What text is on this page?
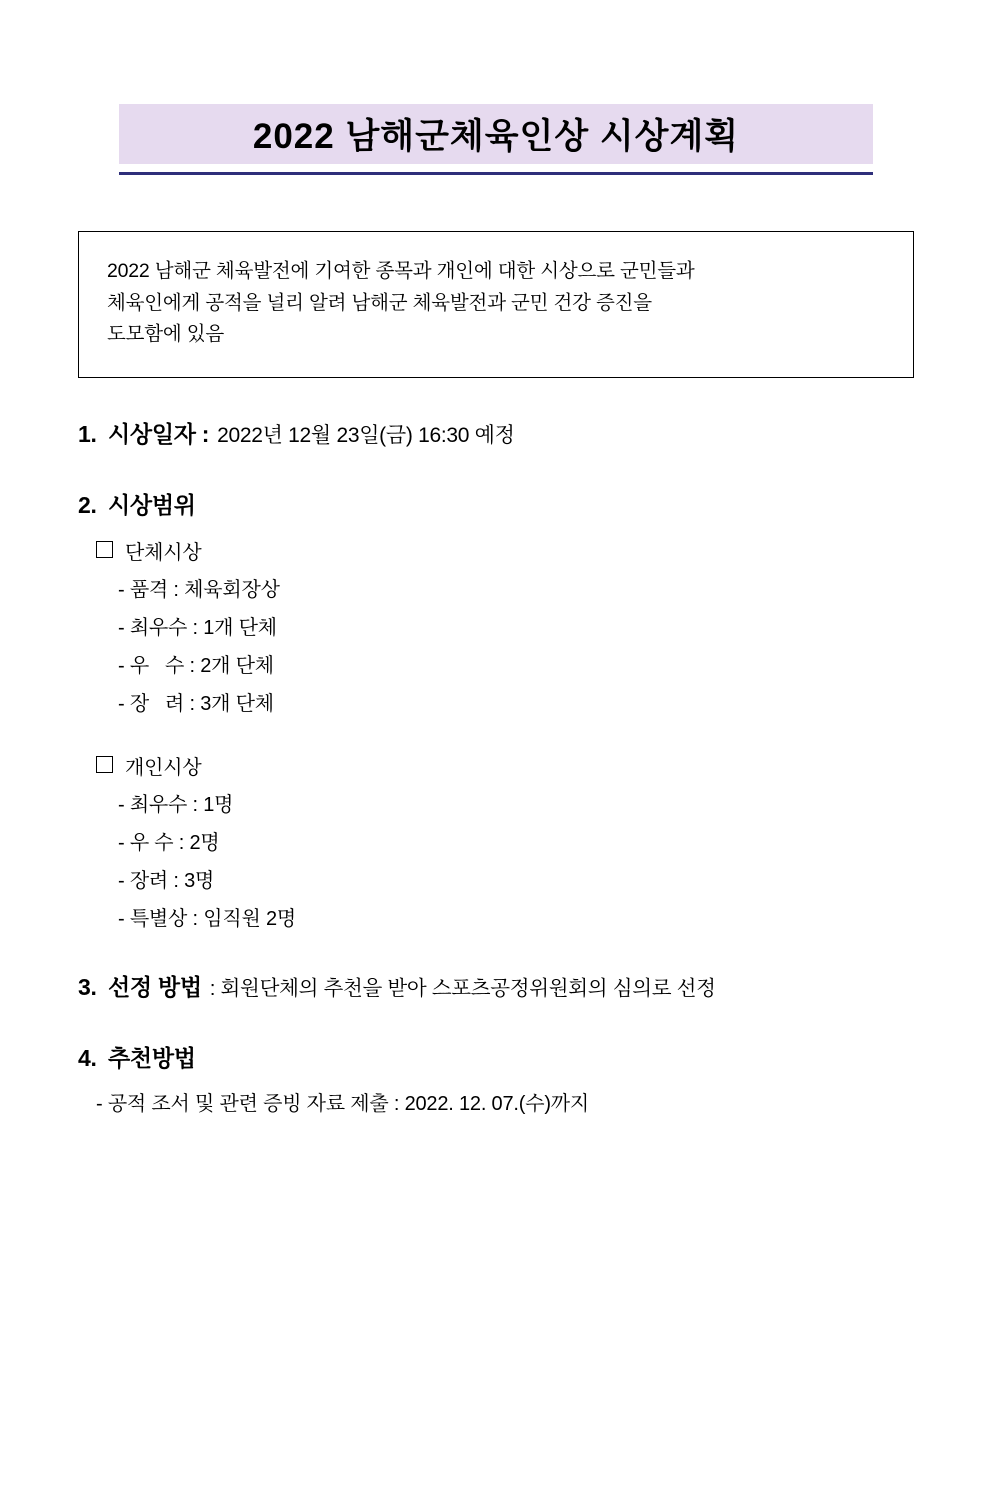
2022 남해군체육인상 시상계획
2022 남해군 체육발전에 기여한 종목과 개인에 대한 시상으로 군민들과
체육인에게 공적을 널리 알려 남해군 체육발전과 군민 건강 증진을
도모함에 있음
1. 시상일자 : 2022년 12월 23일(금) 16:30 예정
2. 시상범위
단체시상
- 품격 : 체육회장상
- 최우수 : 1개 단체
- 우   수 : 2개 단체
- 장   려 : 3개 단체
개인시상
- 최우수 : 1명
- 우 수 : 2명
- 장려 : 3명
- 특별상 : 임직원 2명
3. 선정 방법 : 회원단체의 추천을 받아 스포츠공정위원회의 심의로 선정
4. 추천방법
- 공적 조서 및 관련 증빙 자료 제출 : 2022. 12. 07.(수)까지
